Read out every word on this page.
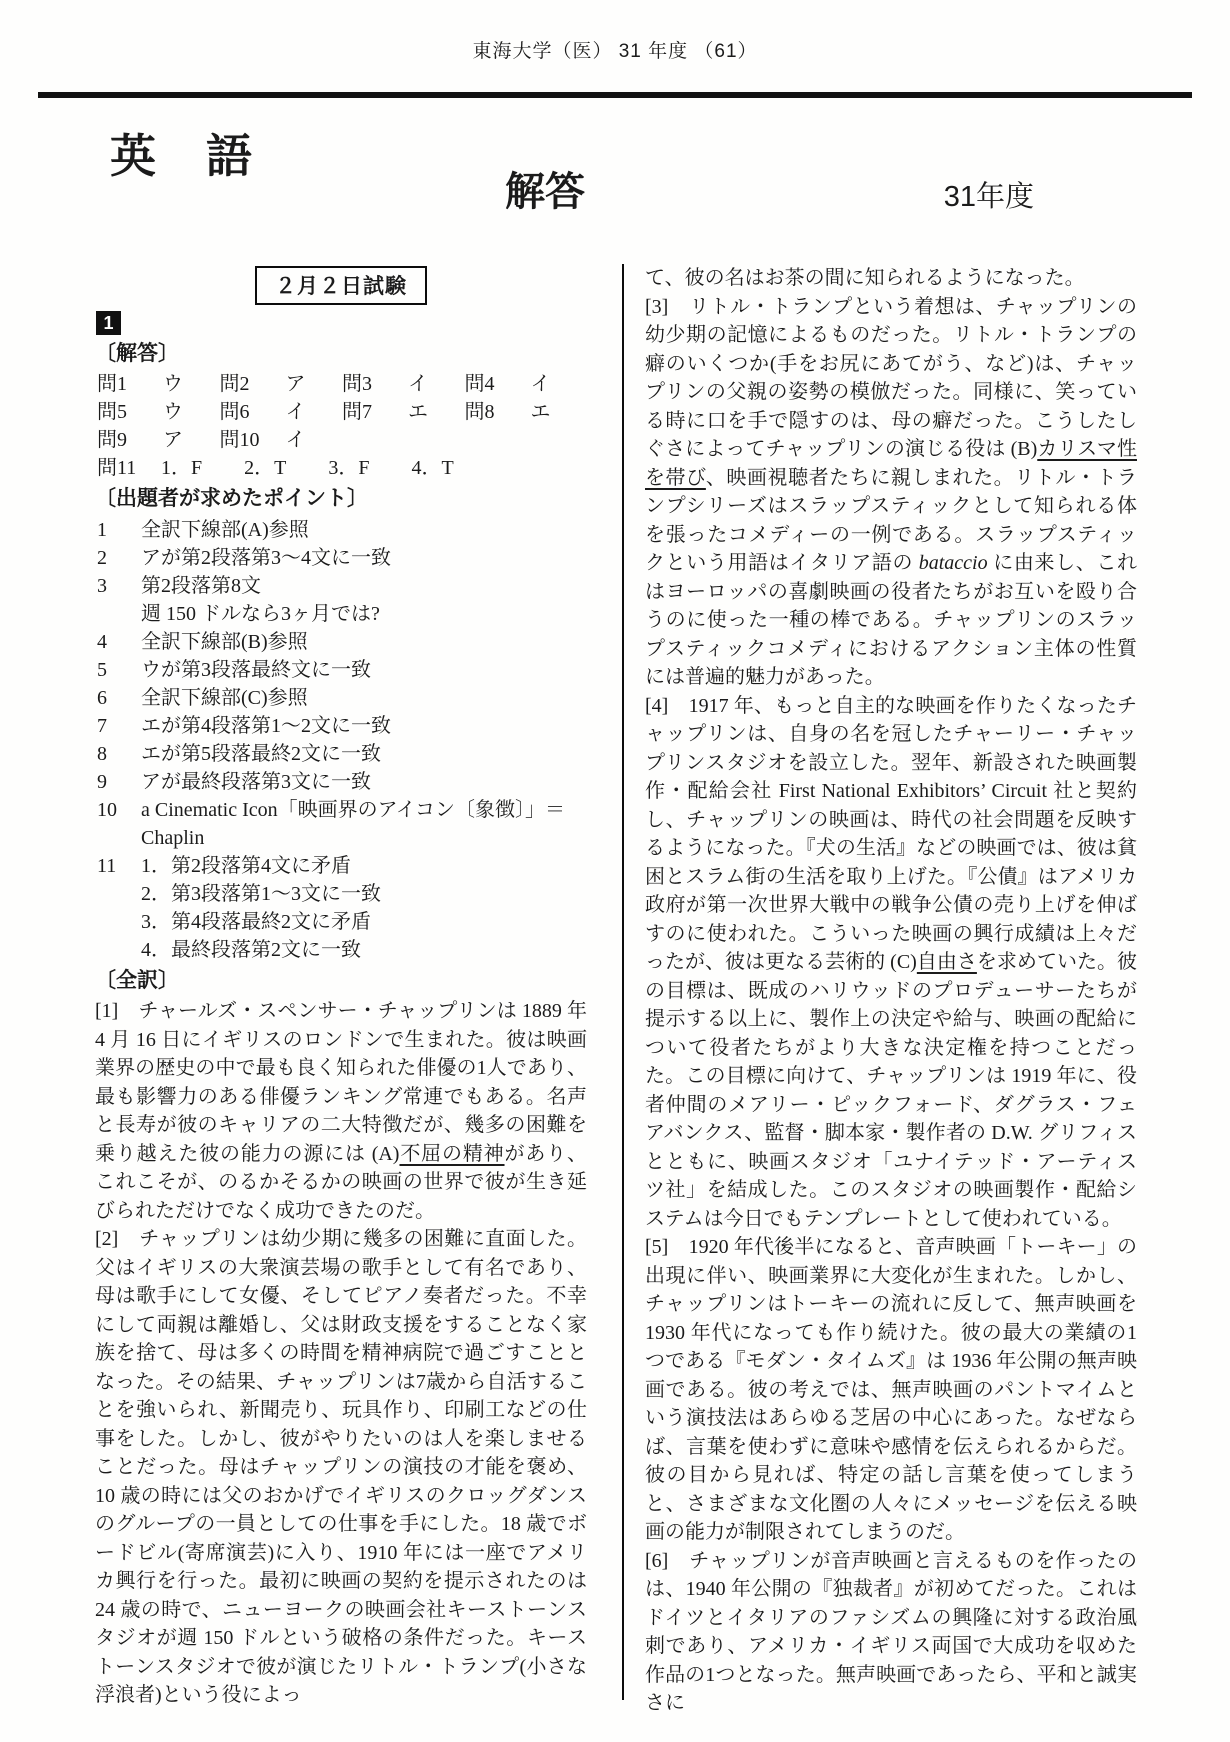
東海大学（医） 31 年度 （61）
英　語
解答	31年度
２月２日試験
1
〔解答〕
問1	ウ 問2	ア 問3	イ 問4	イ
問5	ウ 問6	イ 問7	エ 問8	エ
問9	ア 問10	イ
問11	1．F 2．T 3．F 4．T
〔出題者が求めたポイント〕
1	全訳下線部(A)参照
2	アが第2段落第3～4文に一致
3	第2段落第8文
週 150 ドルなら3ヶ月では?
4	全訳下線部(B)参照
5	ウが第3段落最終文に一致
6	全訳下線部(C)参照
7	エが第4段落第1～2文に一致
8	エが第5段落最終2文に一致
9	アが最終段落第3文に一致
10	a Cinematic Icon「映画界のアイコン〔象徴〕」＝
Chaplin
11	1．第2段落第4文に矛盾
2．第3段落第1～3文に一致
3．第4段落最終2文に矛盾
4．最終段落第2文に一致
〔全訳〕

[1]　チャールズ・スペンサー・チャップリンは 1889 年 4 月 16 日にイギリスのロンドンで生まれた。彼は映画業界の歴史の中で最も良く知られた俳優の1人であり、最も影響力のある俳優ランキング常連でもある。名声と長寿が彼のキャリアの二大特徴だが、幾多の困難を乗り越えた彼の能力の源には (A)不屈の精神があり、これこそが、のるかそるかの映画の世界で彼が生き延びられただけでなく成功できたのだ。

[2]　チャップリンは幼少期に幾多の困難に直面した。父はイギリスの大衆演芸場の歌手として有名であり、母は歌手にして女優、そしてピアノ奏者だった。不幸にして両親は離婚し、父は財政支援をすることなく家族を捨て、母は多くの時間を精神病院で過ごすこととなった。その結果、チャップリンは7歳から自活することを強いられ、新聞売り、玩具作り、印刷工などの仕事をした。しかし、彼がやりたいのは人を楽しませることだった。母はチャップリンの演技の才能を褒め、10 歳の時には父のおかげでイギリスのクロッグダンスのグループの一員としての仕事を手にした。18 歳でボードビル(寄席演芸)に入り、1910 年には一座でアメリカ興行を行った。最初に映画の契約を提示されたのは 24 歳の時で、ニューヨークの映画会社キーストーンスタジオが週 150 ドルという破格の条件だった。キーストーンスタジオで彼が演じたリトル・トランプ(小さな浮浪者)という役によっ

て、彼の名はお茶の間に知られるようになった。

[3]　リトル・トランプという着想は、チャップリンの幼少期の記憶によるものだった。リトル・トランプの癖のいくつか(手をお尻にあてがう、など)は、チャップリンの父親の姿勢の模倣だった。同様に、笑っている時に口を手で隠すのは、母の癖だった。こうしたしぐさによってチャップリンの演じる役は (B)カリスマ性を帯び、映画視聴者たちに親しまれた。リトル・トランプシリーズはスラップスティックとして知られる体を張ったコメディーの一例である。スラップスティックという用語はイタリア語の bataccio に由来し、これはヨーロッパの喜劇映画の役者たちがお互いを殴り合うのに使った一種の棒である。チャップリンのスラップスティックコメディにおけるアクション主体の性質には普遍的魅力があった。

[4]　1917 年、もっと自主的な映画を作りたくなったチャップリンは、自身の名を冠したチャーリー・チャップリンスタジオを設立した。翌年、新設された映画製作・配給会社 First National Exhibitors’ Circuit 社と契約し、チャップリンの映画は、時代の社会問題を反映するようになった。『犬の生活』などの映画では、彼は貧困とスラム街の生活を取り上げた。『公債』はアメリカ政府が第一次世界大戦中の戦争公債の売り上げを伸ばすのに使われた。こういった映画の興行成績は上々だったが、彼は更なる芸術的 (C)自由さを求めていた。彼の目標は、既成のハリウッドのプロデューサーたちが提示する以上に、製作上の決定や給与、映画の配給について役者たちがより大きな決定権を持つことだった。この目標に向けて、チャップリンは 1919 年に、役者仲間のメアリー・ピックフォード、ダグラス・フェアバンクス、監督・脚本家・製作者の D.W. グリフィスとともに、映画スタジオ「ユナイテッド・アーティスツ社」を結成した。このスタジオの映画製作・配給システムは今日でもテンプレートとして使われている。

[5]　1920 年代後半になると、音声映画「トーキー」の出現に伴い、映画業界に大変化が生まれた。しかし、チャップリンはトーキーの流れに反して、無声映画を 1930 年代になっても作り続けた。彼の最大の業績の1つである『モダン・タイムズ』は 1936 年公開の無声映画である。彼の考えでは、無声映画のパントマイムという演技法はあらゆる芝居の中心にあった。なぜならば、言葉を使わずに意味や感情を伝えられるからだ。彼の目から見れば、特定の話し言葉を使ってしまうと、さまざまな文化圏の人々にメッセージを伝える映画の能力が制限されてしまうのだ。

[6]　チャップリンが音声映画と言えるものを作ったのは、1940 年公開の『独裁者』が初めてだった。これはドイツとイタリアのファシズムの興隆に対する政治風刺であり、アメリカ・イギリス両国で大成功を収めた作品の1つとなった。無声映画であったら、平和と誠実さに
